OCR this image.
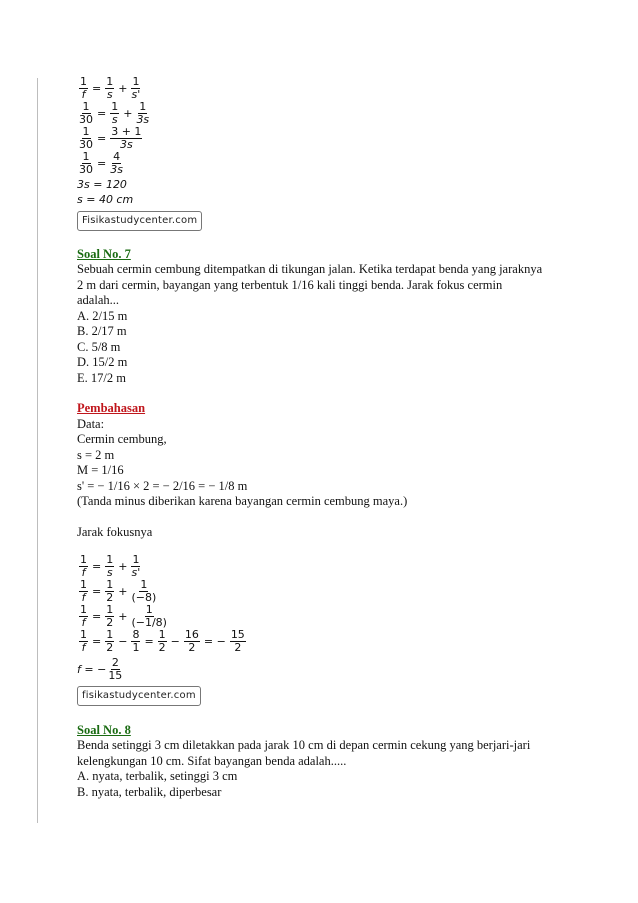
$\frac{1}{f} = \frac{1}{s} + \frac{1}{s'}$
$\frac{1}{30} = \frac{1}{s} + \frac{1}{3s}$
$\frac{1}{30} = \frac{3 + 1}{3s}$
$\frac{1}{30} = \frac{4}{3s}$
3s = 120
s = 40 cm
Fisikastudycenter.com

Soal No. 7

Sebuah cermin cembung ditempatkan di tikungan jalan. Ketika terdapat benda yang jaraknya

2 m dari cermin, bayangan yang terbentuk 1/16 kali tinggi benda. Jarak fokus cermin

adalah...

A. 2/15 m

B. 2/17 m

C. 5/8 m

D. 15/2 m

E. 17/2 m

Pembahasan

Data:

Cermin cembung,

s = 2 m

M = 1/16

s' = − 1/16 × 2 = − 2/16 = − 1/8 m

(Tanda minus diberikan karena bayangan cermin cembung maya.)

Jarak fokusnya

$\frac{1}{f} = \frac{1}{s} + \frac{1}{s'}$
$\frac{1}{f} = \frac{1}{2} + \frac{1}{(-8)}$
$\frac{1}{f} = \frac{1}{2} + \frac{1}{(-1/8)}$
$\frac{1}{f} = \frac{1}{2} - \frac{8}{1} = \frac{1}{2} - \frac{16}{2}$ = − $\frac{15}{2}$
f = − $\frac{2}{15}$
fisikastudycenter.com

Soal No. 8

Benda setinggi 3 cm diletakkan pada jarak 10 cm di depan cermin cekung yang berjari-jari

kelengkungan 10 cm. Sifat bayangan benda adalah.....

A. nyata, terbalik, setinggi 3 cm

B. nyata, terbalik, diperbesar
